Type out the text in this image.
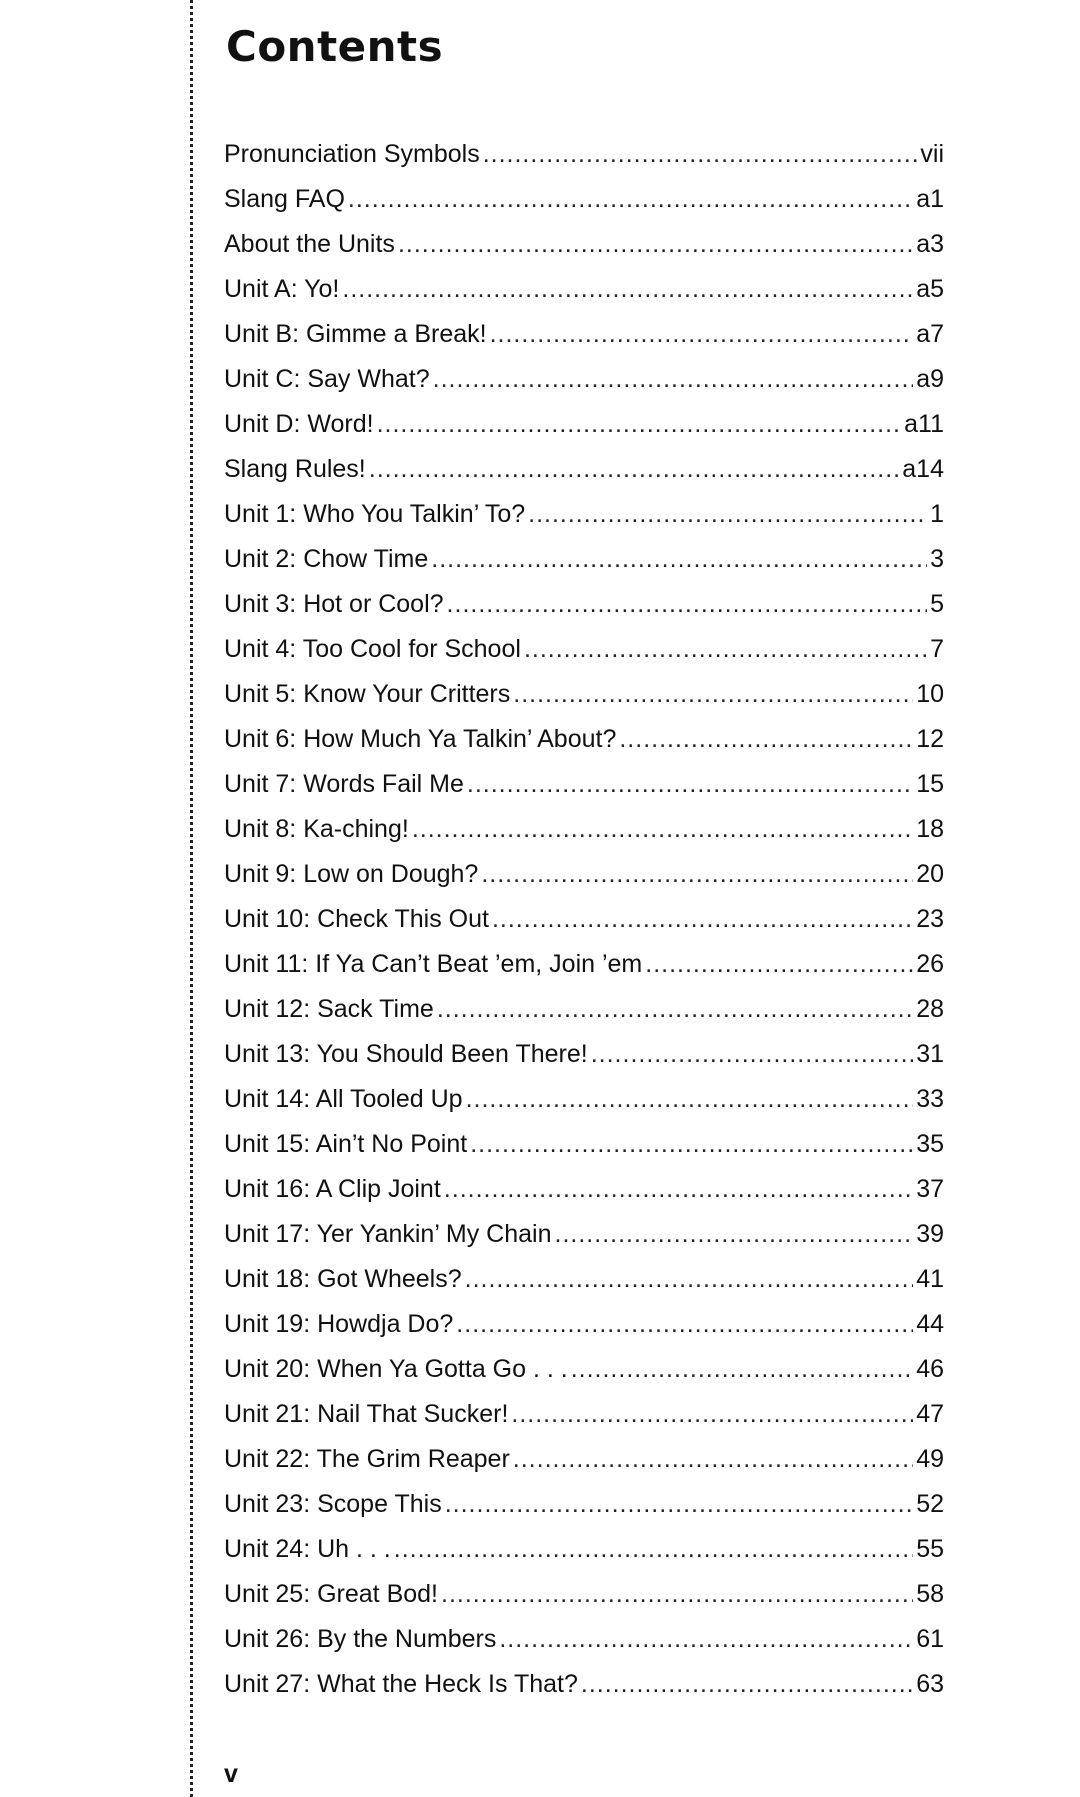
Contents
Pronunciation Symbols .....	vii
Slang FAQ .....	a1
About the Units .....	a3
Unit A: Yo! .....	a5
Unit B: Gimme a Break! .....	a7
Unit C: Say What? .....	a9
Unit D: Word! .....	a11
Slang Rules! .....	a14
Unit 1: Who You Talkin’ To? .....	1
Unit 2: Chow Time .....	3
Unit 3: Hot or Cool? .....	5
Unit 4: Too Cool for School .....	7
Unit 5: Know Your Critters .....	10
Unit 6: How Much Ya Talkin’ About? .....	12
Unit 7: Words Fail Me .....	15
Unit 8: Ka-ching! .....	18
Unit 9: Low on Dough? .....	20
Unit 10: Check This Out .....	23
Unit 11: If Ya Can’t Beat ’em, Join ’em .....	26
Unit 12: Sack Time .....	28
Unit 13: You Should Been There! .....	31
Unit 14: All Tooled Up .....	33
Unit 15: Ain’t No Point .....	35
Unit 16: A Clip Joint .....	37
Unit 17: Yer Yankin’ My Chain .....	39
Unit 18: Got Wheels? .....	41
Unit 19: Howdja Do? .....	44
Unit 20: When Ya Gotta Go . . . .....	46
Unit 21: Nail That Sucker! .....	47
Unit 22: The Grim Reaper .....	49
Unit 23: Scope This .....	52
Unit 24: Uh . . . .....	55
Unit 25: Great Bod! .....	58
Unit 26: By the Numbers .....	61
Unit 27: What the Heck Is That? .....	63
v
